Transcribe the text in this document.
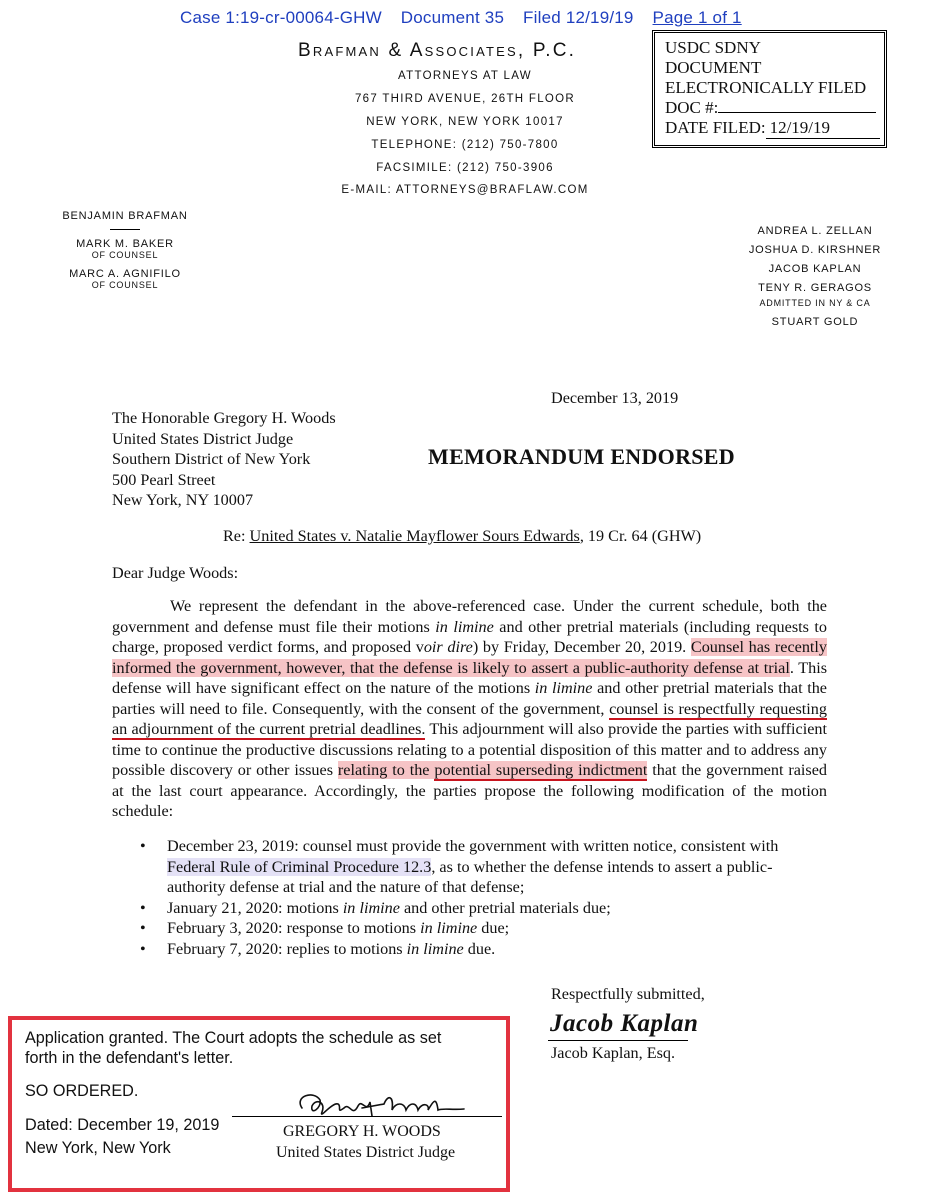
Case 1:19-cr-00064-GHW Document 35 Filed 12/19/19 Page 1 of 1
Brafman & Associates, P.C.
ATTORNEYS AT LAW
767 THIRD AVENUE, 26TH FLOOR
NEW YORK, NEW YORK 10017
TELEPHONE: (212) 750-7800
FACSIMILE: (212) 750-3906
E-MAIL: ATTORNEYS@BRAFLAW.COM
USDC SDNY
DOCUMENT
ELECTRONICALLY FILED
DOC #:
DATE FILED: 12/19/19
BENJAMIN BRAFMAN
MARK M. BAKER
OF COUNSEL
MARC A. AGNIFILO
OF COUNSEL
ANDREA L. ZELLAN
JOSHUA D. KIRSHNER
JACOB KAPLAN
TENY R. GERAGOS
ADMITTED IN NY & CA
STUART GOLD
December 13, 2019
The Honorable Gregory H. Woods
United States District Judge
Southern District of New York
500 Pearl Street
New York, NY 10007
MEMORANDUM ENDORSED
Re: United States v. Natalie Mayflower Sours Edwards, 19 Cr. 64 (GHW)
Dear Judge Woods:

We represent the defendant in the above-referenced case. Under the current schedule, both the government and defense must file their motions in limine and other pretrial materials (including requests to charge, proposed verdict forms, and proposed voir dire) by Friday, December 20, 2019. Counsel has recently informed the government, however, that the defense is likely to assert a public-authority defense at trial. This defense will have significant effect on the nature of the motions in limine and other pretrial materials that the parties will need to file. Consequently, with the consent of the government, counsel is respectfully requesting an adjournment of the current pretrial deadlines. This adjournment will also provide the parties with sufficient time to continue the productive discussions relating to a potential disposition of this matter and to address any possible discovery or other issues relating to the potential superseding indictment that the government raised at the last court appearance. Accordingly, the parties propose the following modification of the motion schedule:

• December 23, 2019: counsel must provide the government with written notice, consistent with Federal Rule of Criminal Procedure 12.3, as to whether the defense intends to assert a public-authority defense at trial and the nature of that defense;
• January 21, 2020: motions in limine and other pretrial materials due;
• February 3, 2020: response to motions in limine due;
• February 7, 2020: replies to motions in limine due.
Respectfully submitted,
Jacob Kaplan
Jacob Kaplan, Esq.
Application granted. The Court adopts the schedule as set
forth in the defendant's letter.
SO ORDERED.
Dated: December 19, 2019
New York, New York
GREGORY H. WOODS
United States District Judge
